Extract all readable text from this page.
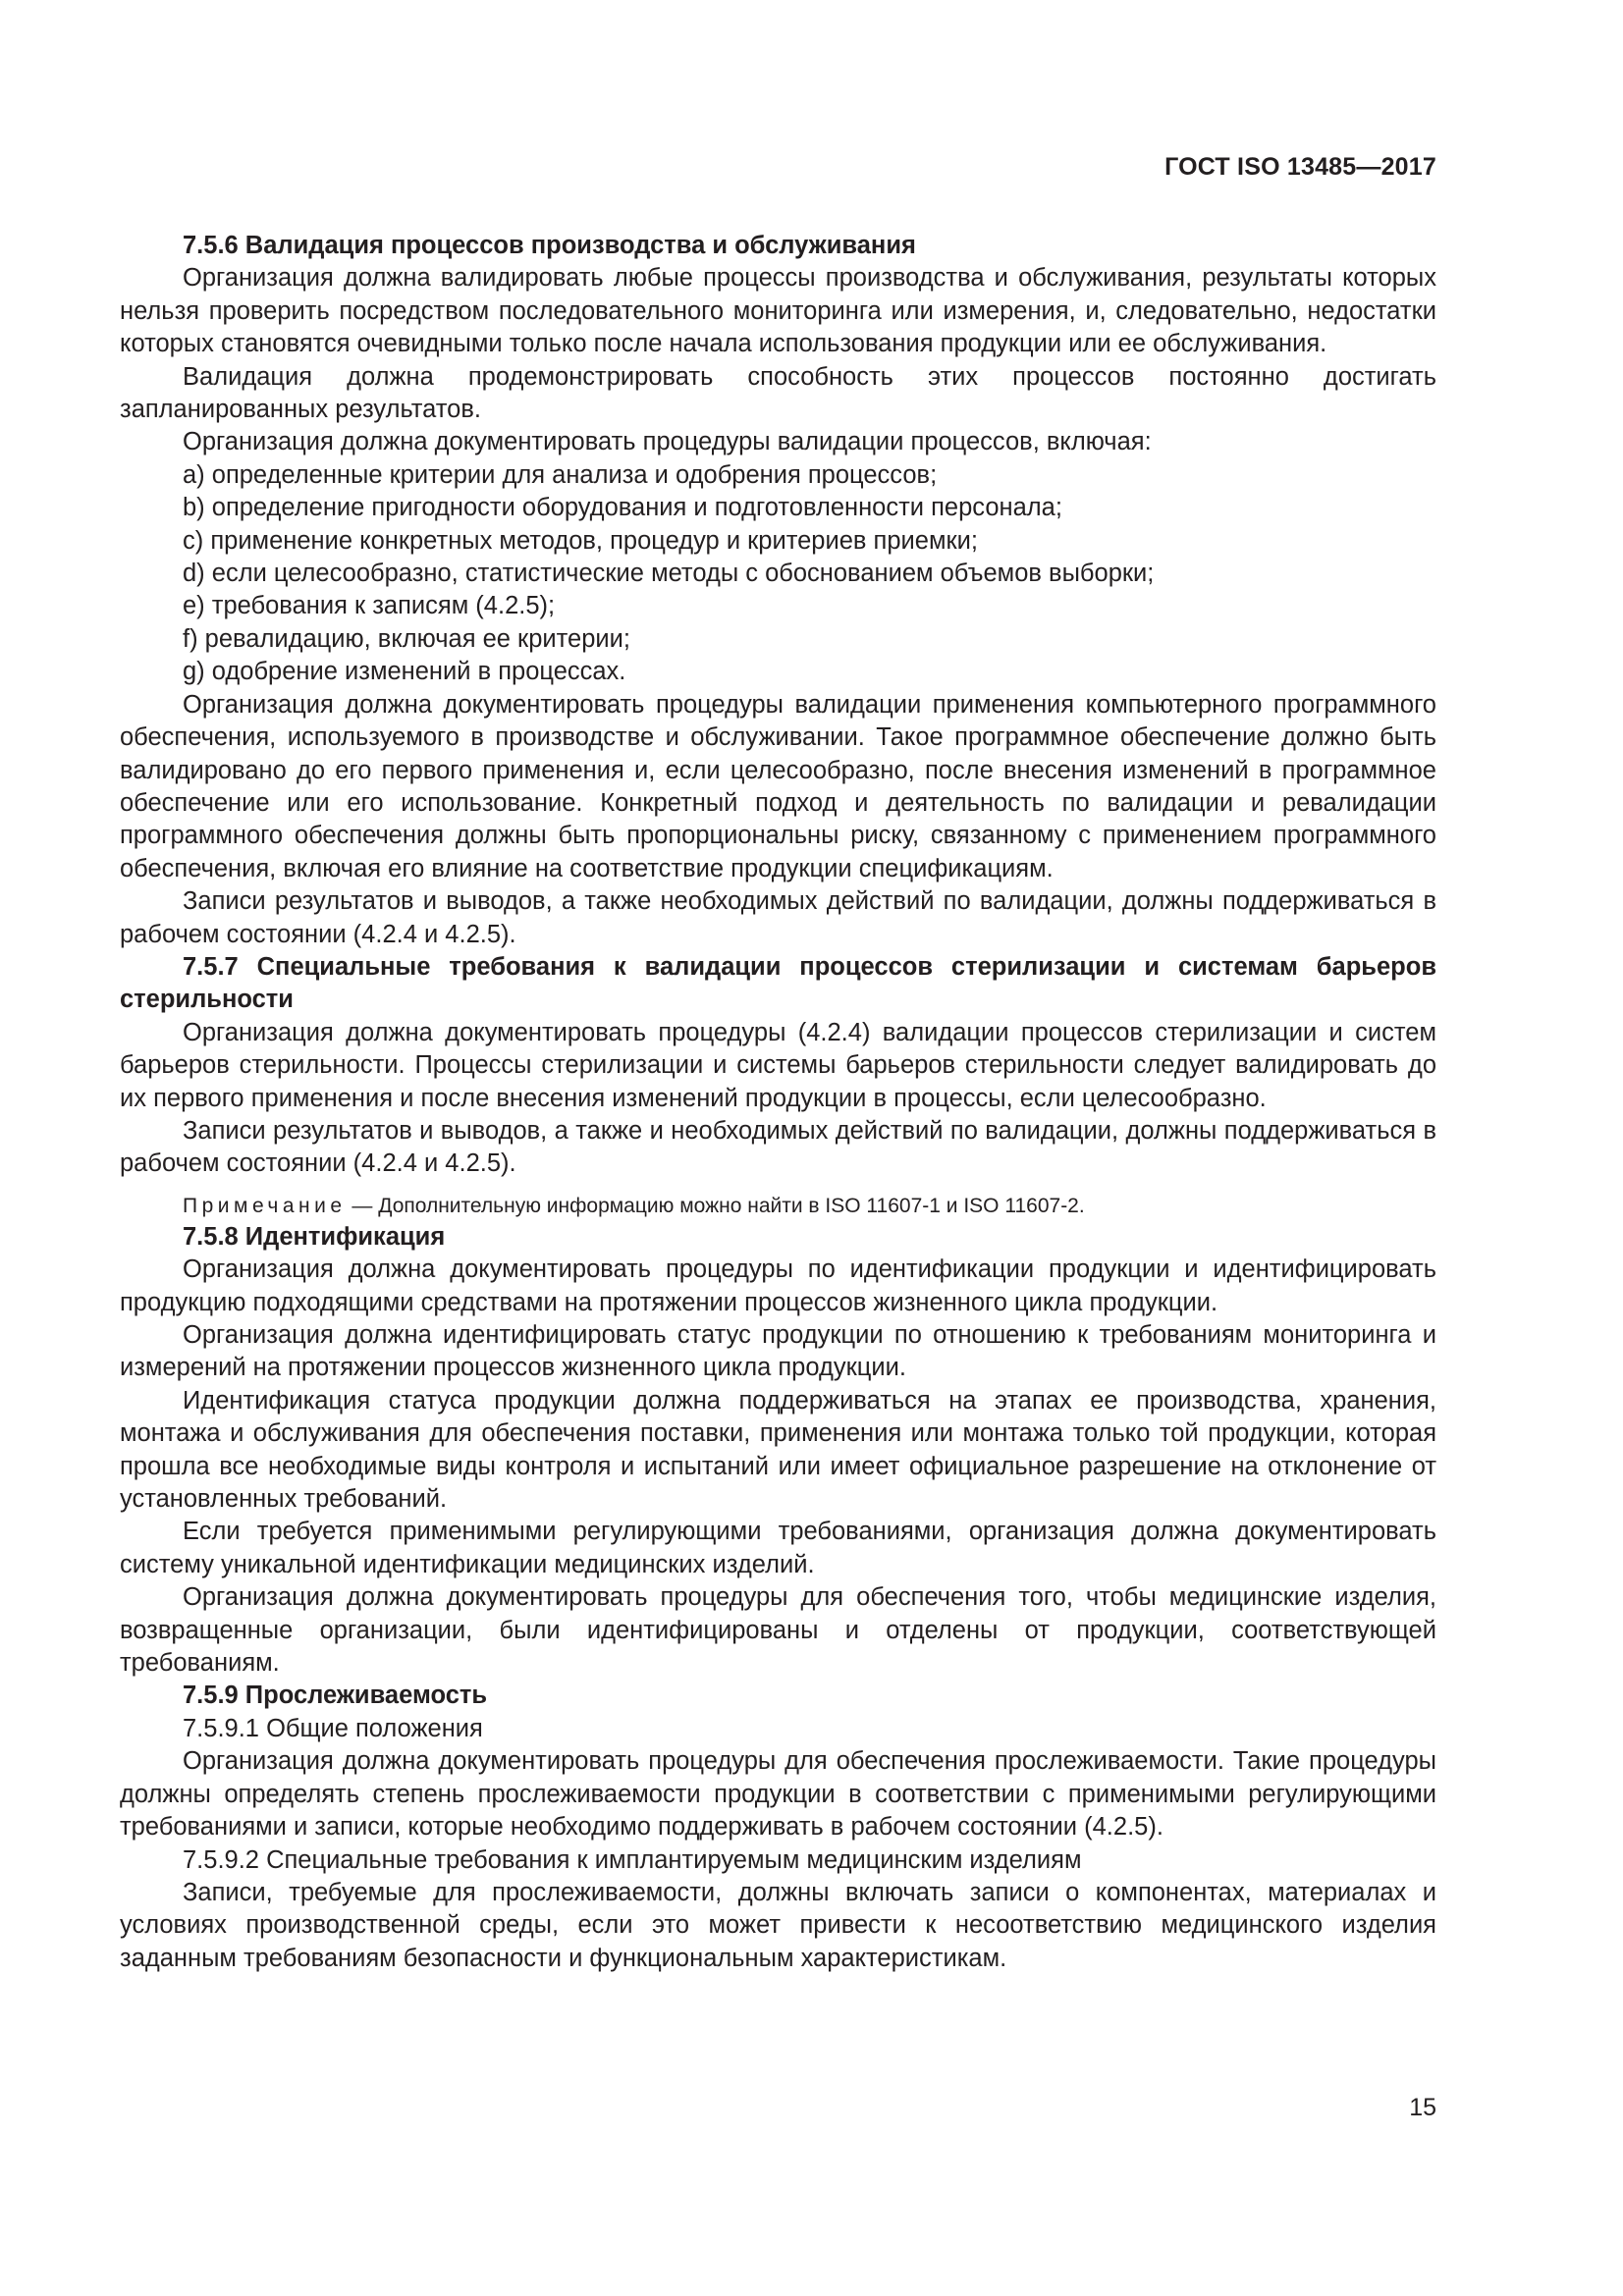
ГОСТ ISO 13485—2017

7.5.6 Валидация процессов производства и обслуживания

Организация должна валидировать любые процессы производства и обслуживания, результаты которых нельзя проверить посредством последовательного мониторинга или измерения, и, следовательно, недостатки которых становятся очевидными только после начала использования продукции или ее обслуживания.

Валидация должна продемонстрировать способность этих процессов постоянно достигать запланированных результатов.

Организация должна документировать процедуры валидации процессов, включая:

a) определенные критерии для анализа и одобрения процессов;

b) определение пригодности оборудования и подготовленности персонала;

c) применение конкретных методов, процедур и критериев приемки;

d) если целесообразно, статистические методы с обоснованием объемов выборки;

e) требования к записям (4.2.5);

f) ревалидацию, включая ее критерии;

g) одобрение изменений в процессах.

Организация должна документировать процедуры валидации применения компьютерного программного обеспечения, используемого в производстве и обслуживании. Такое программное обеспечение должно быть валидировано до его первого применения и, если целесообразно, после внесения изменений в программное обеспечение или его использование. Конкретный подход и деятельность по валидации и ревалидации программного обеспечения должны быть пропорциональны риску, связанному с применением программного обеспечения, включая его влияние на соответствие продукции спецификациям.

Записи результатов и выводов, а также необходимых действий по валидации, должны поддерживаться в рабочем состоянии (4.2.4 и 4.2.5).

7.5.7 Специальные требования к валидации процессов стерилизации и системам барьеров стерильности

Организация должна документировать процедуры (4.2.4) валидации процессов стерилизации и систем барьеров стерильности. Процессы стерилизации и системы барьеров стерильности следует валидировать до их первого применения и после внесения изменений продукции в процессы, если целесообразно.

Записи результатов и выводов, а также и необходимых действий по валидации, должны поддерживаться в рабочем состоянии (4.2.4 и 4.2.5).

Примечание — Дополнительную информацию можно найти в ISO 11607-1 и ISO 11607-2.

7.5.8 Идентификация

Организация должна документировать процедуры по идентификации продукции и идентифицировать продукцию подходящими средствами на протяжении процессов жизненного цикла продукции.

Организация должна идентифицировать статус продукции по отношению к требованиям мониторинга и измерений на протяжении процессов жизненного цикла продукции.

Идентификация статуса продукции должна поддерживаться на этапах ее производства, хранения, монтажа и обслуживания для обеспечения поставки, применения или монтажа только той продукции, которая прошла все необходимые виды контроля и испытаний или имеет официальное разрешение на отклонение от установленных требований.

Если требуется применимыми регулирующими требованиями, организация должна документировать систему уникальной идентификации медицинских изделий.

Организация должна документировать процедуры для обеспечения того, чтобы медицинские изделия, возвращенные организации, были идентифицированы и отделены от продукции, соответствующей требованиям.

7.5.9 Прослеживаемость

7.5.9.1 Общие положения

Организация должна документировать процедуры для обеспечения прослеживаемости. Такие процедуры должны определять степень прослеживаемости продукции в соответствии с применимыми регулирующими требованиями и записи, которые необходимо поддерживать в рабочем состоянии (4.2.5).

7.5.9.2 Специальные требования к имплантируемым медицинским изделиям

Записи, требуемые для прослеживаемости, должны включать записи о компонентах, материалах и условиях производственной среды, если это может привести к несоответствию медицинского изделия заданным требованиям безопасности и функциональным характеристикам.

15
